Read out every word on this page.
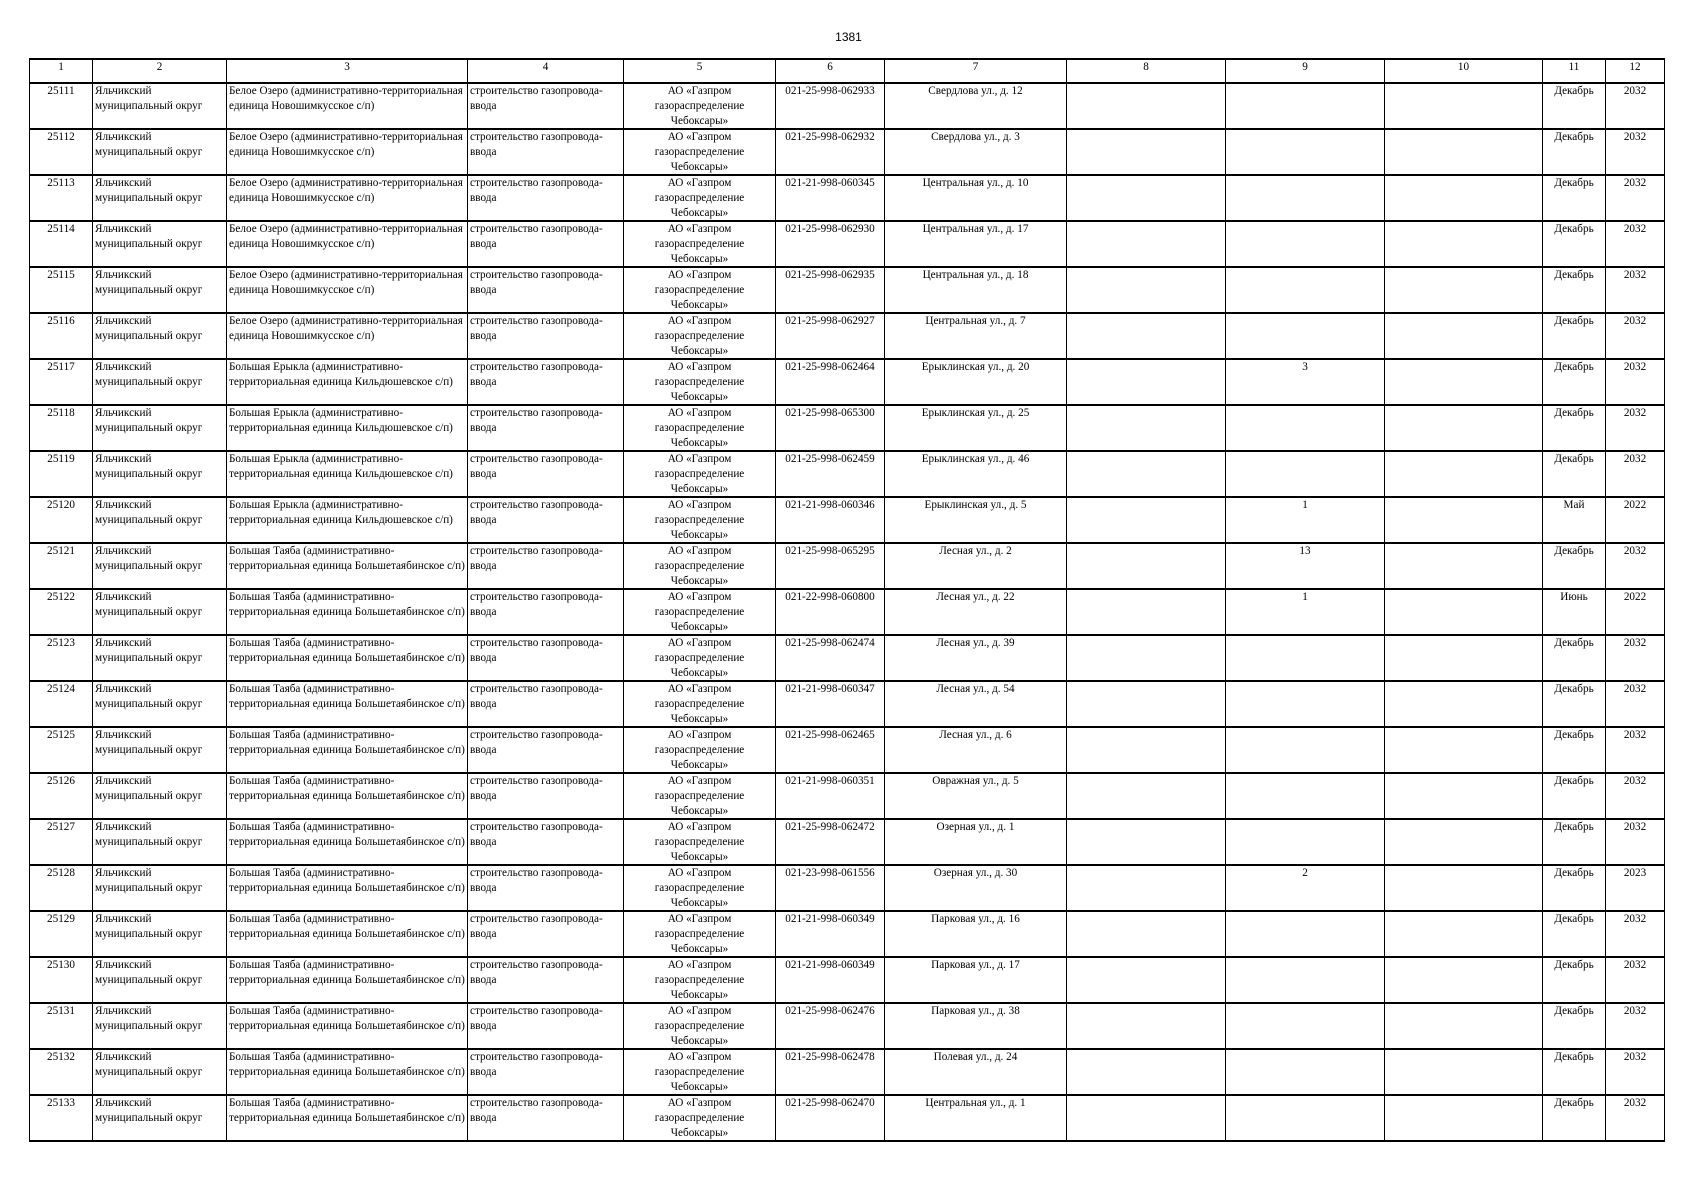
1381
1	2	3	4	5	6	7	8	9	10	11	12

25111	Яльчикский муниципальный округ	Белое Озеро (административно-территориальная единица Новошимкусское с/п)	строительство газопровода-ввода	АО «Газпром газораспределение Чебоксары»	021-25-998-062933	Свердлова ул., д. 12				Декабрь	2032

25112	Яльчикский муниципальный округ	Белое Озеро (административно-территориальная единица Новошимкусское с/п)	строительство газопровода-ввода	АО «Газпром газораспределение Чебоксары»	021-25-998-062932	Свердлова ул., д. 3				Декабрь	2032

25113	Яльчикский муниципальный округ	Белое Озеро (административно-территориальная единица Новошимкусское с/п)	строительство газопровода-ввода	АО «Газпром газораспределение Чебоксары»	021-21-998-060345	Центральная ул., д. 10				Декабрь	2032

25114	Яльчикский муниципальный округ	Белое Озеро (административно-территориальная единица Новошимкусское с/п)	строительство газопровода-ввода	АО «Газпром газораспределение Чебоксары»	021-25-998-062930	Центральная ул., д. 17				Декабрь	2032

25115	Яльчикский муниципальный округ	Белое Озеро (административно-территориальная единица Новошимкусское с/п)	строительство газопровода-ввода	АО «Газпром газораспределение Чебоксары»	021-25-998-062935	Центральная ул., д. 18				Декабрь	2032

25116	Яльчикский муниципальный округ	Белое Озеро (административно-территориальная единица Новошимкусское с/п)	строительство газопровода-ввода	АО «Газпром газораспределение Чебоксары»	021-25-998-062927	Центральная ул., д. 7				Декабрь	2032

25117	Яльчикский муниципальный округ	Большая Ерыкла (административно-территориальная единица Кильдюшевское с/п)	строительство газопровода-ввода	АО «Газпром газораспределение Чебоксары»	021-25-998-062464	Ерыклинская ул., д. 20		3		Декабрь	2032

25118	Яльчикский муниципальный округ	Большая Ерыкла (административно-территориальная единица Кильдюшевское с/п)	строительство газопровода-ввода	АО «Газпром газораспределение Чебоксары»	021-25-998-065300	Ерыклинская ул., д. 25				Декабрь	2032

25119	Яльчикский муниципальный округ	Большая Ерыкла (административно-территориальная единица Кильдюшевское с/п)	строительство газопровода-ввода	АО «Газпром газораспределение Чебоксары»	021-25-998-062459	Ерыклинская ул., д. 46				Декабрь	2032

25120	Яльчикский муниципальный округ	Большая Ерыкла (административно-территориальная единица Кильдюшевское с/п)	строительство газопровода-ввода	АО «Газпром газораспределение Чебоксары»	021-21-998-060346	Ерыклинская ул., д. 5		1		Май	2022

25121	Яльчикский муниципальный округ	Большая Таяба (административно-территориальная единица Большетаябинское с/п)	строительство газопровода-ввода	АО «Газпром газораспределение Чебоксары»	021-25-998-065295	Лесная ул., д. 2		13		Декабрь	2032

25122	Яльчикский муниципальный округ	Большая Таяба (административно-территориальная единица Большетаябинское с/п)	строительство газопровода-ввода	АО «Газпром газораспределение Чебоксары»	021-22-998-060800	Лесная ул., д. 22		1		Июнь	2022

25123	Яльчикский муниципальный округ	Большая Таяба (административно-территориальная единица Большетаябинское с/п)	строительство газопровода-ввода	АО «Газпром газораспределение Чебоксары»	021-25-998-062474	Лесная ул., д. 39				Декабрь	2032

25124	Яльчикский муниципальный округ	Большая Таяба (административно-территориальная единица Большетаябинское с/п)	строительство газопровода-ввода	АО «Газпром газораспределение Чебоксары»	021-21-998-060347	Лесная ул., д. 54				Декабрь	2032

25125	Яльчикский муниципальный округ	Большая Таяба (административно-территориальная единица Большетаябинское с/п)	строительство газопровода-ввода	АО «Газпром газораспределение Чебоксары»	021-25-998-062465	Лесная ул., д. 6				Декабрь	2032

25126	Яльчикский муниципальный округ	Большая Таяба (административно-территориальная единица Большетаябинское с/п)	строительство газопровода-ввода	АО «Газпром газораспределение Чебоксары»	021-21-998-060351	Овражная ул., д. 5				Декабрь	2032

25127	Яльчикский муниципальный округ	Большая Таяба (административно-территориальная единица Большетаябинское с/п)	строительство газопровода-ввода	АО «Газпром газораспределение Чебоксары»	021-25-998-062472	Озерная ул., д. 1				Декабрь	2032

25128	Яльчикский муниципальный округ	Большая Таяба (административно-территориальная единица Большетаябинское с/п)	строительство газопровода-ввода	АО «Газпром газораспределение Чебоксары»	021-23-998-061556	Озерная ул., д. 30		2		Декабрь	2023

25129	Яльчикский муниципальный округ	Большая Таяба (административно-территориальная единица Большетаябинское с/п)	строительство газопровода-ввода	АО «Газпром газораспределение Чебоксары»	021-21-998-060349	Парковая ул., д. 16				Декабрь	2032

25130	Яльчикский муниципальный округ	Большая Таяба (административно-территориальная единица Большетаябинское с/п)	строительство газопровода-ввода	АО «Газпром газораспределение Чебоксары»	021-21-998-060349	Парковая ул., д. 17				Декабрь	2032

25131	Яльчикский муниципальный округ	Большая Таяба (административно-территориальная единица Большетаябинское с/п)	строительство газопровода-ввода	АО «Газпром газораспределение Чебоксары»	021-25-998-062476	Парковая ул., д. 38				Декабрь	2032

25132	Яльчикский муниципальный округ	Большая Таяба (административно-территориальная единица Большетаябинское с/п)	строительство газопровода-ввода	АО «Газпром газораспределение Чебоксары»	021-25-998-062478	Полевая ул., д. 24				Декабрь	2032

25133	Яльчикский муниципальный округ	Большая Таяба (административно-территориальная единица Большетаябинское с/п)	строительство газопровода-ввода	АО «Газпром газораспределение Чебоксары»	021-25-998-062470	Центральная ул., д. 1				Декабрь	2032
